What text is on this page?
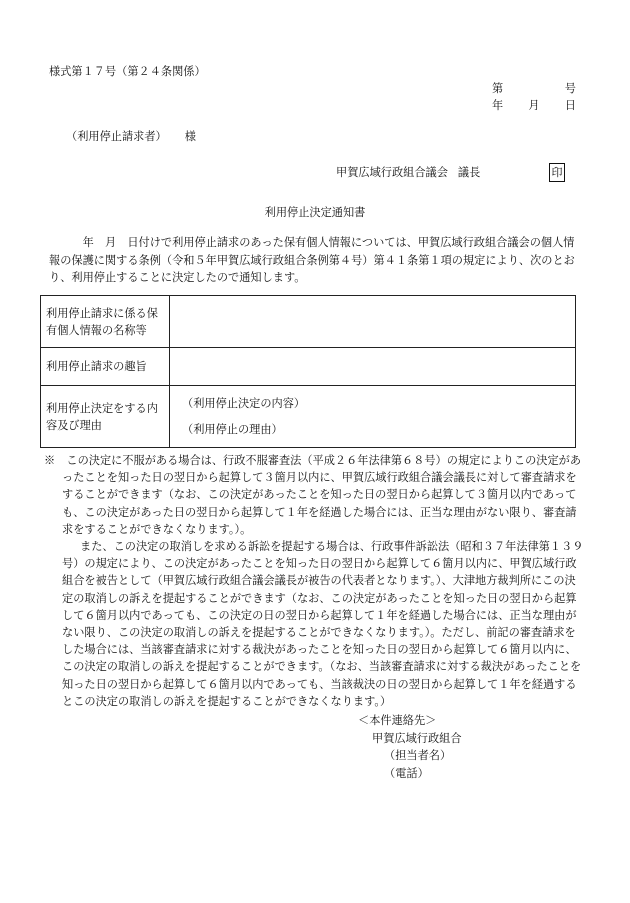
様式第１７号（第２４条関係）
第	号
年 月 日
（利用停止請求者） 様
甲賀広域行政組合議会 議長	印
利用停止決定通知書

　　　年　月　日付けで利用停止請求のあった保有個人情報については、甲賀広域行政組合議会の個人情報の保護に関する条例（令和５年甲賀広域行政組合条例第４号）第４１条第１項の規定により、次のとおり、利用停止することに決定したので通知します。

利用停止請求に係る保有個人情報の名称等	
利用停止請求の趣旨	
利用停止決定をする内容及び理由	（利用停止決定の内容）
（利用停止の理由）

※　この決定に不服がある場合は、行政不服審査法（平成２６年法律第６８号）の規定によりこの決定があったことを知った日の翌日から起算して３箇月以内に、甲賀広域行政組合議会議長に対して審査請求をすることができます（なお、この決定があったことを知った日の翌日から起算して３箇月以内であっても、この決定があった日の翌日から起算して１年を経過した場合には、正当な理由がない限り、審査請求をすることができなくなります。）。

また、この決定の取消しを求める訴訟を提起する場合は、行政事件訴訟法（昭和３７年法律第１３９号）の規定により、この決定があったことを知った日の翌日から起算して６箇月以内に、甲賀広域行政組合を被告として（甲賀広域行政組合議会議長が被告の代表者となります。）、大津地方裁判所にこの決定の取消しの訴えを提起することができます（なお、この決定があったことを知った日の翌日から起算して６箇月以内であっても、この決定の日の翌日から起算して１年を経過した場合には、正当な理由がない限り、この決定の取消しの訴えを提起することができなくなります。）。ただし、前記の審査請求をした場合には、当該審査請求に対する裁決があったことを知った日の翌日から起算して６箇月以内に、この決定の取消しの訴えを提起することができます。（なお、当該審査請求に対する裁決があったことを知った日の翌日から起算して６箇月以内であっても、当該裁決の日の翌日から起算して１年を経過するとこの決定の取消しの訴えを提起することができなくなります。）

＜本件連絡先＞
甲賀広域行政組合
（担当者名）
（電話）
